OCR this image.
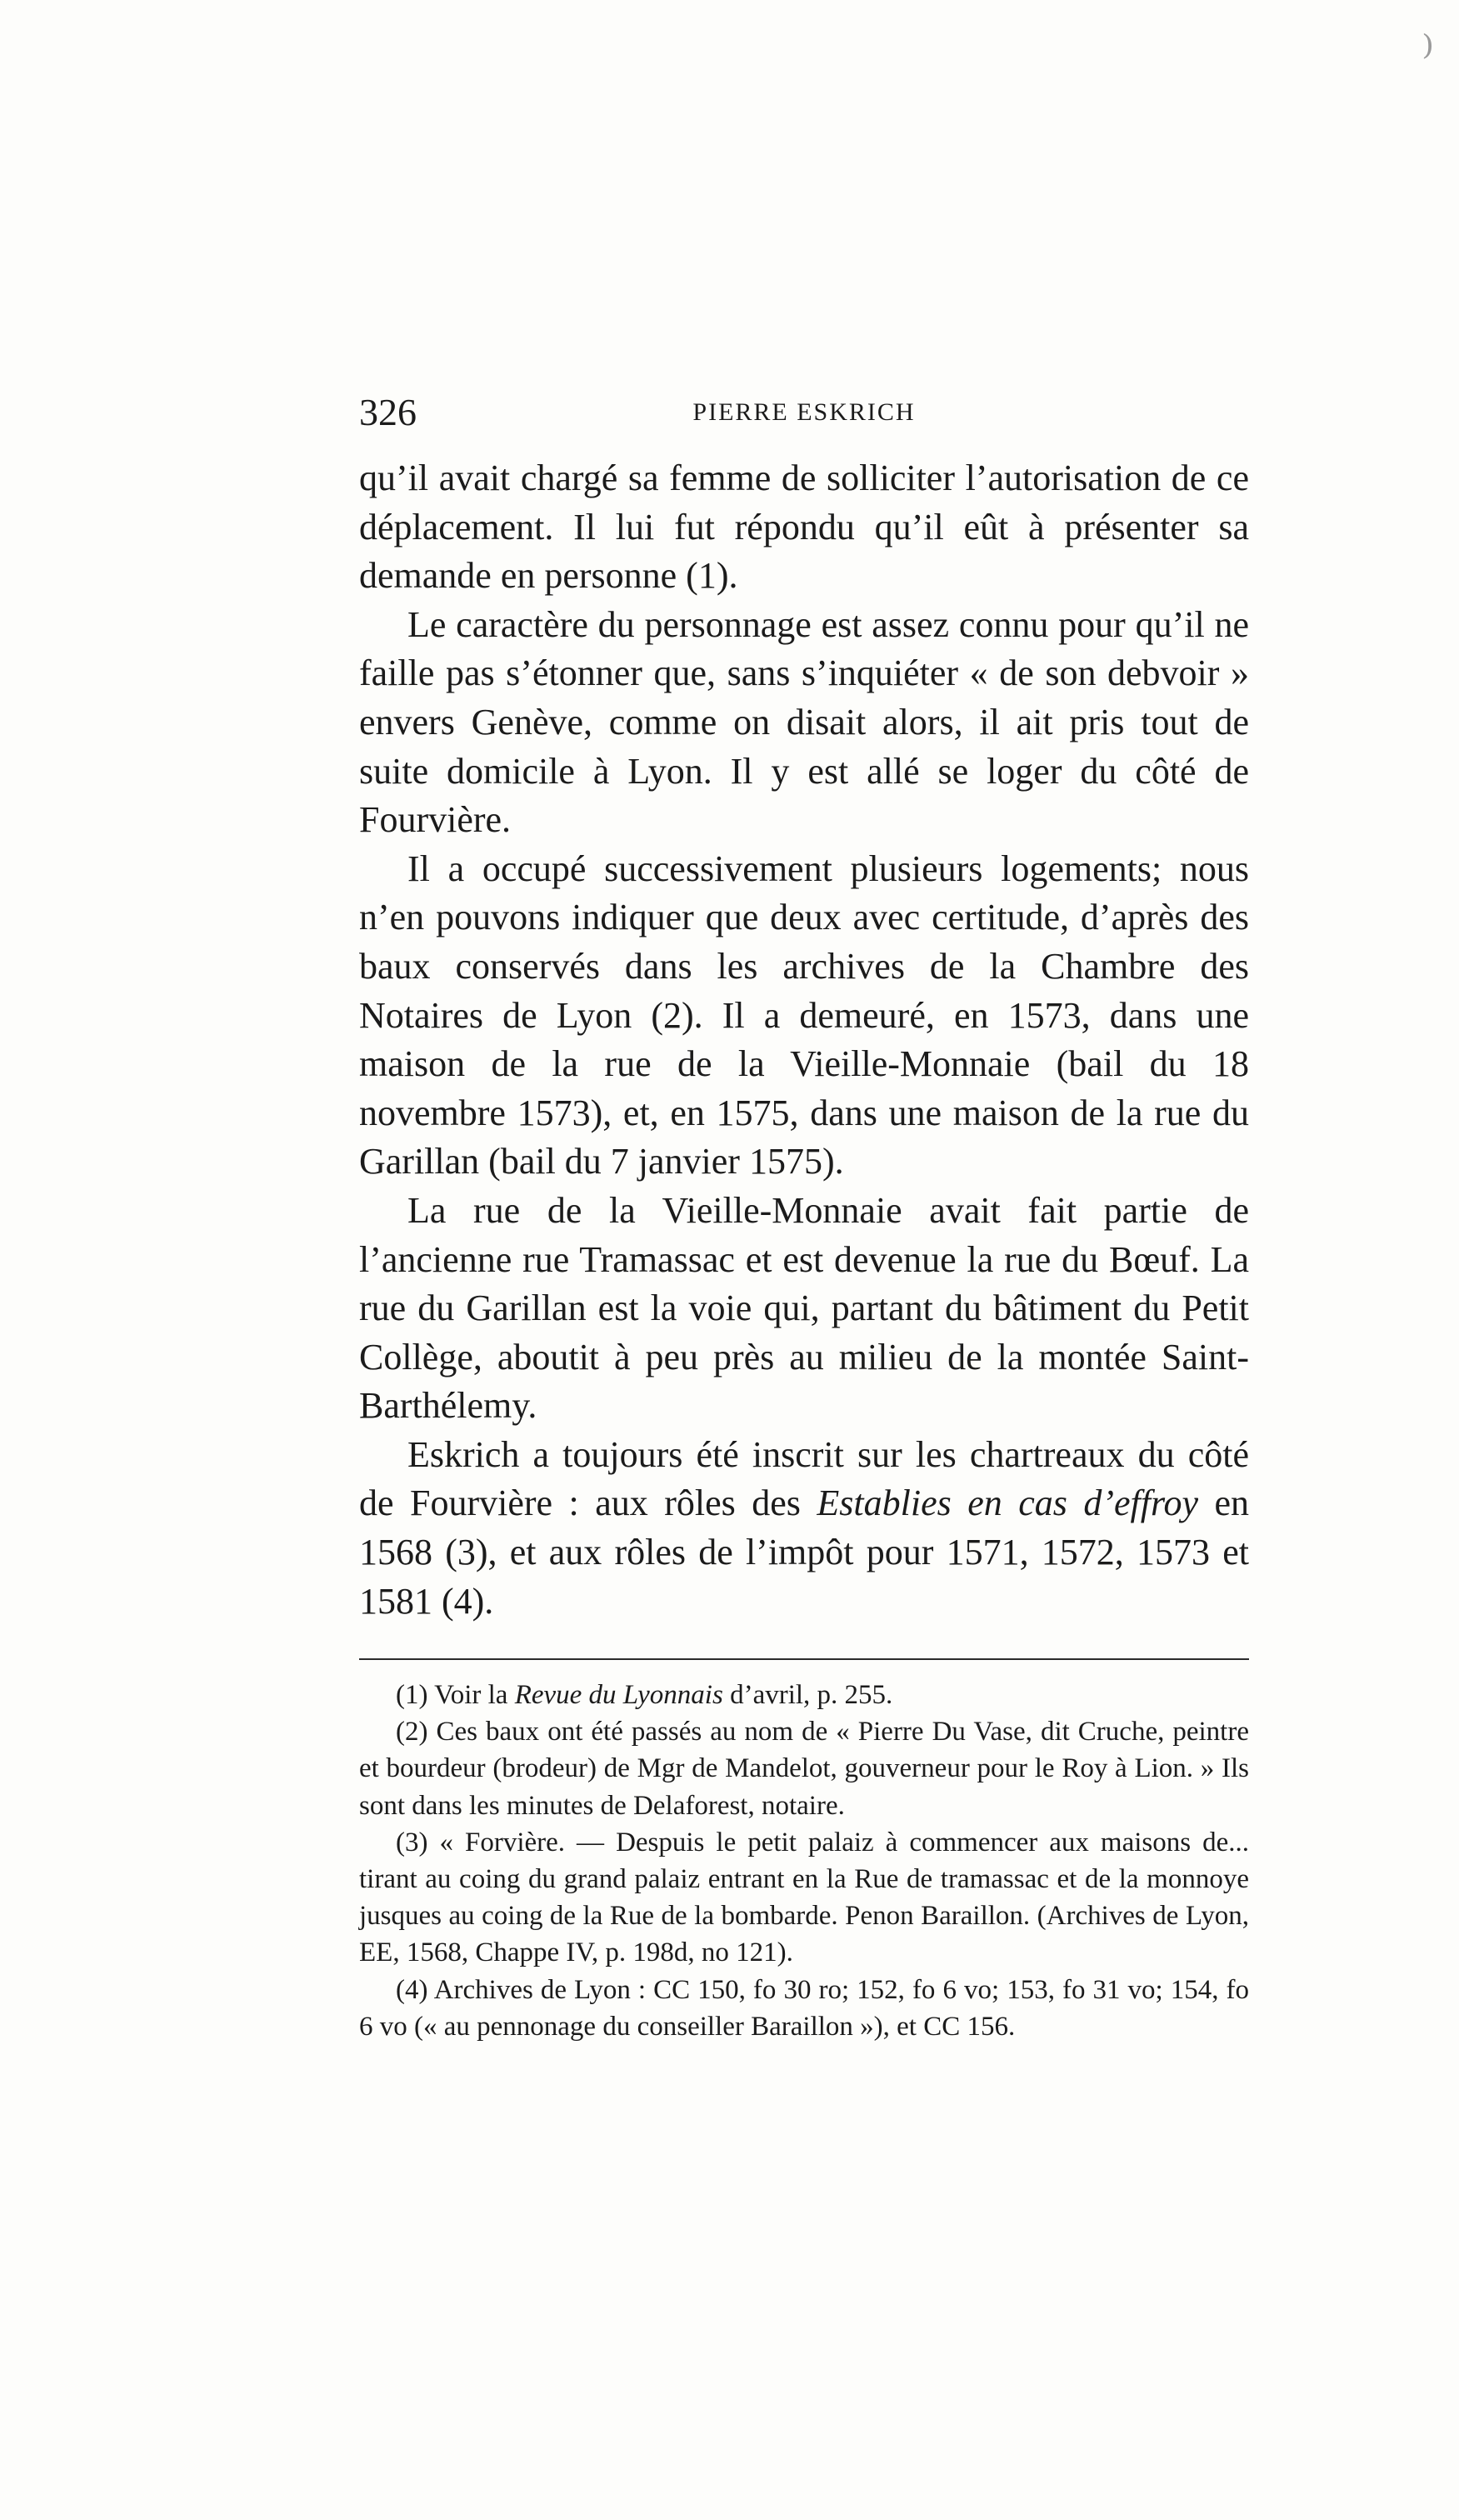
326	PIERRE ESKRICH

qu’il avait chargé sa femme de solliciter l’autorisation de ce déplacement. Il lui fut répondu qu’il eût à présenter sa demande en personne (1).

Le caractère du personnage est assez connu pour qu’il ne faille pas s’étonner que, sans s’inquiéter « de son debvoir » envers Genève, comme on disait alors, il ait pris tout de suite domicile à Lyon. Il y est allé se loger du côté de Fourvière.

Il a occupé successivement plusieurs logements; nous n’en pouvons indiquer que deux avec certitude, d’après des baux conservés dans les archives de la Chambre des Notaires de Lyon (2). Il a demeuré, en 1573, dans une maison de la rue de la Vieille-Monnaie (bail du 18 novembre 1573), et, en 1575, dans une maison de la rue du Garillan (bail du 7 janvier 1575).

La rue de la Vieille-Monnaie avait fait partie de l’ancienne rue Tramassac et est devenue la rue du Bœuf. La rue du Garillan est la voie qui, partant du bâtiment du Petit Collège, aboutit à peu près au milieu de la montée Saint-Barthélemy.

Eskrich a toujours été inscrit sur les chartreaux du côté de Fourvière : aux rôles des Establies en cas d’effroy en 1568 (3), et aux rôles de l’impôt pour 1571, 1572, 1573 et 1581 (4).

(1) Voir la Revue du Lyonnais d’avril, p. 255.

(2) Ces baux ont été passés au nom de « Pierre Du Vase, dit Cruche, peintre et bourdeur (brodeur) de Mgr de Mandelot, gouverneur pour le Roy à Lion. » Ils sont dans les minutes de Delaforest, notaire.

(3) « Forvière. — Despuis le petit palaiz à commencer aux maisons de... tirant au coing du grand palaiz entrant en la Rue de tramassac et de la monnoye jusques au coing de la Rue de la bombarde. Penon Baraillon. (Archives de Lyon, EE, 1568, Chappe IV, p. 198d, no 121).

(4) Archives de Lyon : CC 150, fo 30 ro; 152, fo 6 vo; 153, fo 31 vo; 154, fo 6 vo (« au pennonage du conseiller Baraillon »), et CC 156.

⁾
